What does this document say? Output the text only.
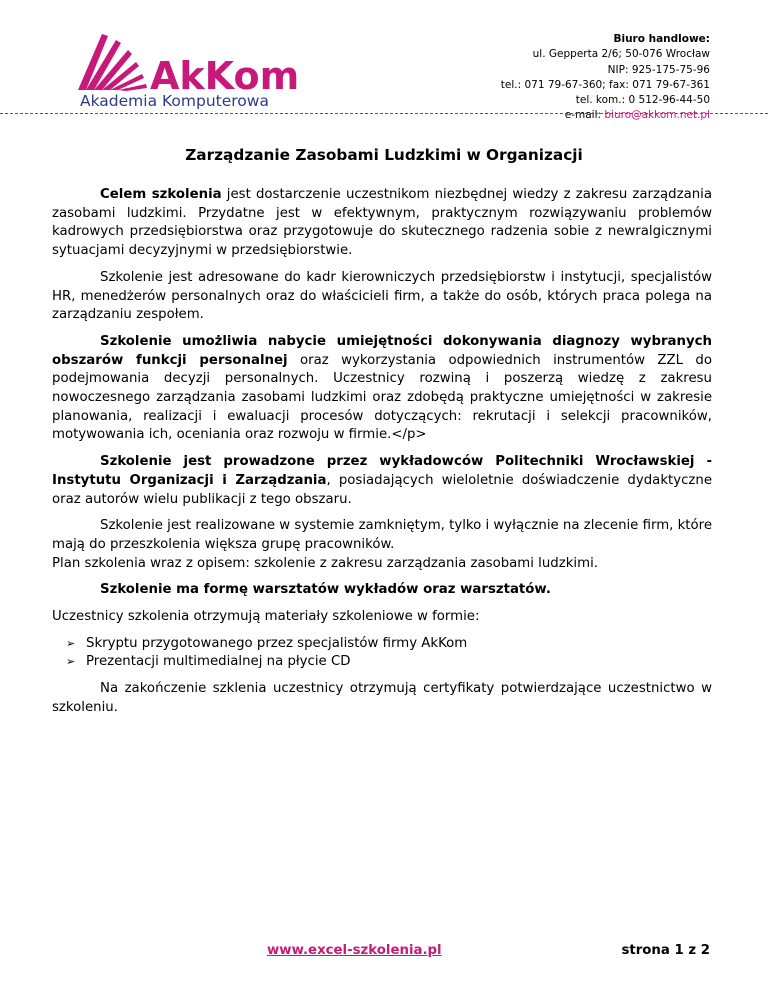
AkKom
Akademia Komputerowa
Biuro handlowe:
ul. Gepperta 2/6; 50-076 Wrocław
NIP: 925-175-75-96
tel.: 071 79-67-360; fax: 071 79-67-361
tel. kom.: 0 512-96-44-50
e-mail: biuro@akkom.net.pl
Zarządzanie Zasobami Ludzkimi w Organizacji

Celem szkolenia jest dostarczenie uczestnikom niezbędnej wiedzy z zakresu zarządzania zasobami ludzkimi. Przydatne jest w efektywnym, praktycznym rozwiązywaniu problemów kadrowych przedsiębiorstwa oraz przygotowuje do skutecznego radzenia sobie z newralgicznymi sytuacjami decyzyjnymi w przedsiębiorstwie.

Szkolenie jest adresowane do kadr kierowniczych przedsiębiorstw i instytucji, specjalistów HR, menedżerów personalnych oraz do właścicieli firm, a także do osób, których praca polega na zarządzaniu zespołem.

Szkolenie umożliwia nabycie umiejętności dokonywania diagnozy wybranych obszarów funkcji personalnej oraz wykorzystania odpowiednich instrumentów ZZL do podejmowania decyzji personalnych. Uczestnicy rozwiną i poszerzą wiedzę z zakresu nowoczesnego zarządzania zasobami ludzkimi oraz zdobędą praktyczne umiejętności w zakresie planowania, realizacji i ewaluacji procesów dotyczących: rekrutacji i selekcji pracowników, motywowania ich, oceniania oraz rozwoju w firmie.</p>

Szkolenie jest prowadzone przez wykładowców Politechniki Wrocławskiej - Instytutu Organizacji i Zarządzania, posiadających wieloletnie doświadczenie dydaktyczne oraz autorów wielu publikacji z tego obszaru.

Szkolenie jest realizowane w systemie zamkniętym, tylko i wyłącznie na zlecenie firm, które mają do przeszkolenia większa grupę pracowników.
Plan szkolenia wraz z opisem: szkolenie z zakresu zarządzania zasobami ludzkimi.

Szkolenie ma formę warsztatów wykładów oraz warsztatów.

Uczestnicy szkolenia otrzymują materiały szkoleniowe w formie:

➢ Skryptu przygotowanego przez specjalistów firmy AkKom
➢ Prezentacji multimedialnej na płycie CD

Na zakończenie szklenia uczestnicy otrzymują certyfikaty potwierdzające uczestnictwo w szkoleniu.

www.excel-szkolenia.pl	strona 1 z 2
